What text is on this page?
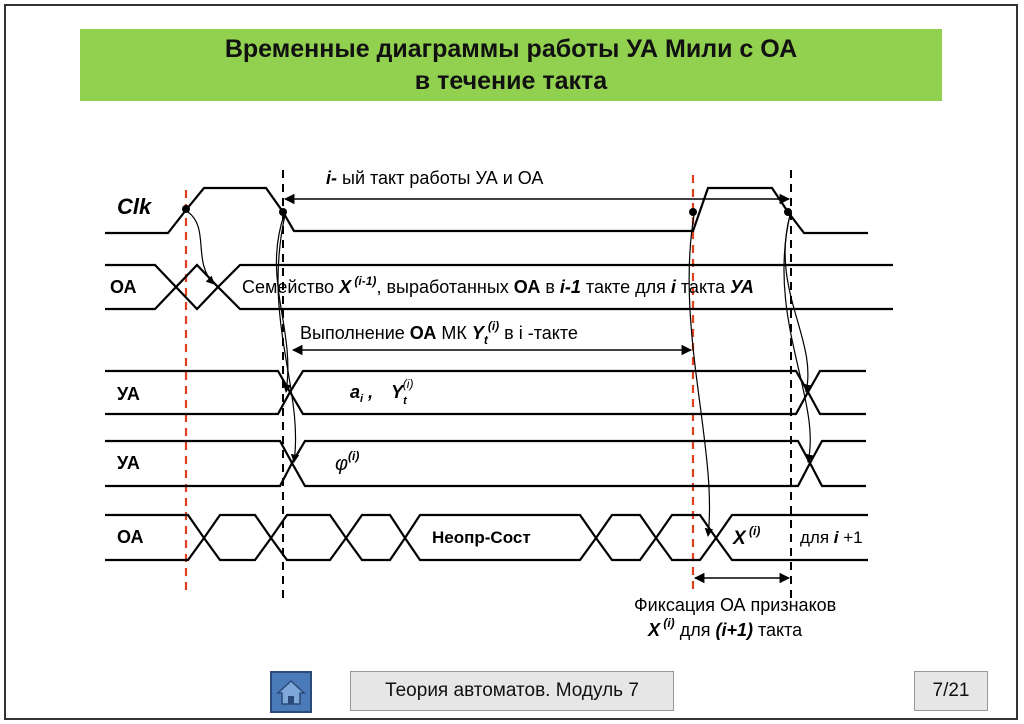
Временные диаграммы работы УА Мили с ОА
в течение такта
Clk
ОА
УА
УА
ОА
i- ый такт работы УА и ОА
Семейство X $^{(i-1)}$, выработанных ОА в i-1 такте для i такта УА
Выполнение ОА МК $Y_t^{(i)}$ в i -такте
$a_i$ , $Y_t(i)$
$\varphi^{(i)}$
Неопр-Сост	X $^{(i)}$ для i +1
Фиксация ОА признаков
X $^{(i)}$ для (i+1) такта
Теория автоматов. Модуль 7	7/21
